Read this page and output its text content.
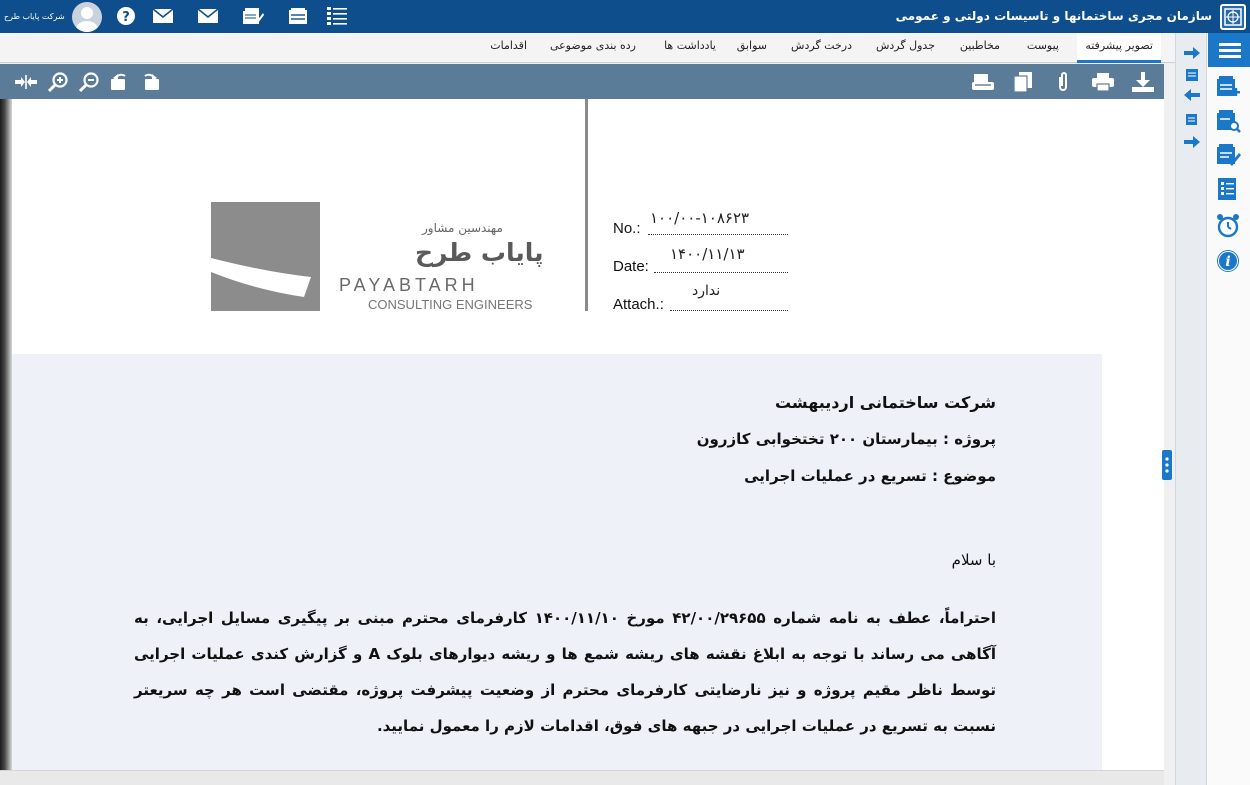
سازمان مجری ساختمانها و تاسیسات دولتی و عمومی
شرکت پایاب طرح	?
i
تصویر پیشرفته
پیوست
مخاطبین
جدول گردش
درخت گردش
سوابق
یادداشت ها
رده بندی موضوعی
اقدامات
مهندسین مشاور
پایاب طرح
PAYABTARH
CONSULTING ENGINEERS
No.:
۱۰۰/۰۰-۱۰۸۶۲۳
Date:
۱۴۰۰/۱۱/۱۳
Attach.:
ندارد
شرکت ساختمانی اردیبهشت
پروژه : بیمارستان ۲۰۰ تختخوابی کازرون
موضوع : تسریع در عملیات اجرایی
با سلام
احتراماً، عطف به نامه شماره ۴۲/۰۰/۲۹۶۵۵ مورخ ۱۴۰۰/۱۱/۱۰ کارفرمای محترم مبنی بر پیگیری مسایل اجرایی، به آگاهی می رساند با توجه به ابلاغ نقشه های ریشه شمع ها و ریشه دیوارهای بلوک A و گزارش کندی عملیات اجرایی توسط ناظر مقیم پروژه و نیز نارضایتی کارفرمای محترم از وضعیت پیشرفت پروژه، مقتضی است هر چه سریعتر نسبت به تسریع در عملیات اجرایی در جبهه های فوق، اقدامات لازم را معمول نمایید.
